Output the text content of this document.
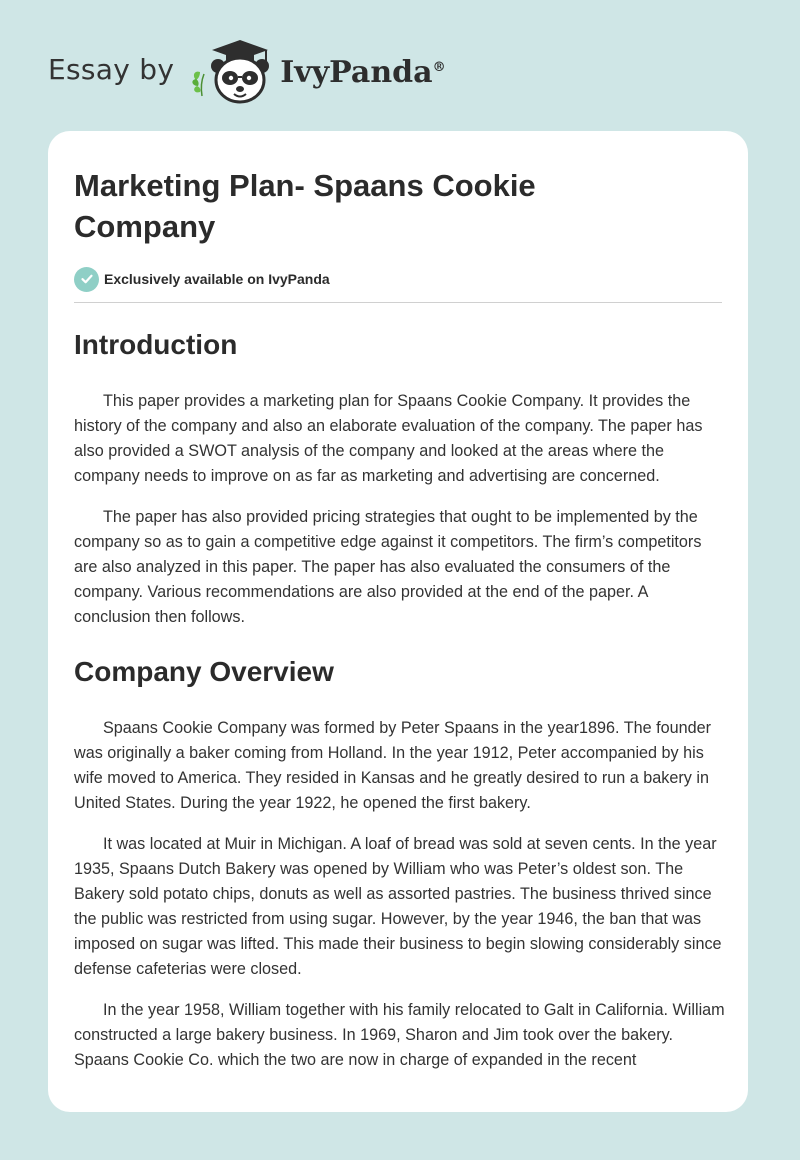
Essay by	IvyPanda®
Marketing Plan- Spaans Cookie Company
Exclusively available on IvyPanda
Introduction

This paper provides a marketing plan for Spaans Cookie Company. It provides the history of the company and also an elaborate evaluation of the company. The paper has also provided a SWOT analysis of the company and looked at the areas where the company needs to improve on as far as marketing and advertising are concerned.

The paper has also provided pricing strategies that ought to be implemented by the company so as to gain a competitive edge against it competitors. The firm’s competitors are also analyzed in this paper. The paper has also evaluated the consumers of the company. Various recommendations are also provided at the end of the paper. A conclusion then follows.

Company Overview

Spaans Cookie Company was formed by Peter Spaans in the year1896. The founder was originally a baker coming from Holland. In the year 1912, Peter accompanied by his wife moved to America. They resided in Kansas and he greatly desired to run a bakery in United States. During the year 1922, he opened the first bakery.

It was located at Muir in Michigan. A loaf of bread was sold at seven cents. In the year 1935, Spaans Dutch Bakery was opened by William who was Peter’s oldest son. The Bakery sold potato chips, donuts as well as assorted pastries. The business thrived since the public was restricted from using sugar. However, by the year 1946, the ban that was imposed on sugar was lifted. This made their business to begin slowing considerably since defense cafeterias were closed.

In the year 1958, William together with his family relocated to Galt in California. William constructed a large bakery business. In 1969, Sharon and Jim took over the bakery. Spaans Cookie Co. which the two are now in charge of expanded in the recent
